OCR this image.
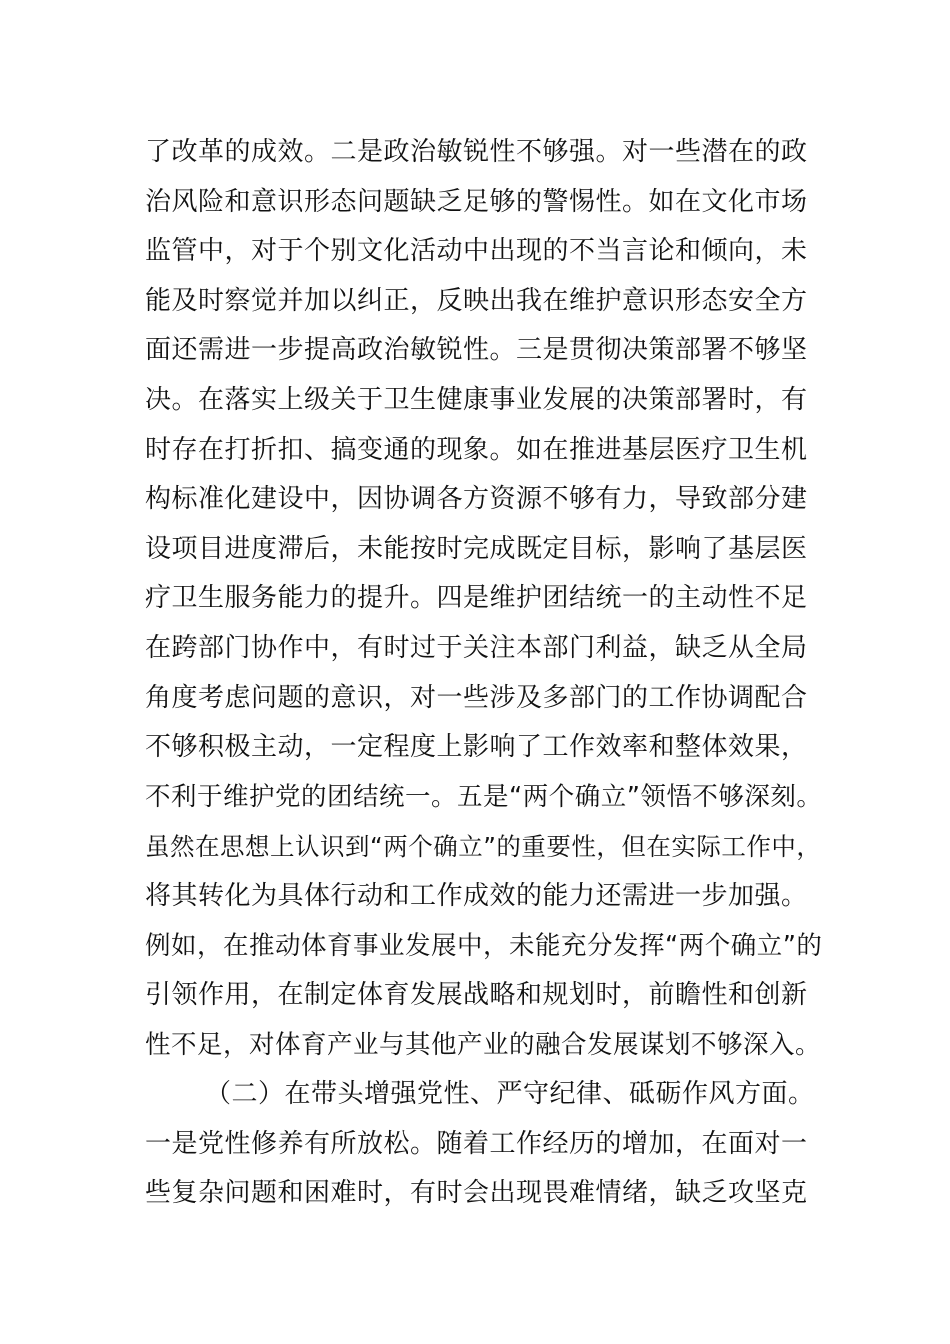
了改革的成效。二是政治敏锐性不够强。对一些潜在的政
治风险和意识形态问题缺乏足够的警惕性。如在文化市场
监管中，对于个别文化活动中出现的不当言论和倾向，未
能及时察觉并加以纠正，反映出我在维护意识形态安全方
面还需进一步提高政治敏锐性。三是贯彻决策部署不够坚
决。在落实上级关于卫生健康事业发展的决策部署时，有
时存在打折扣、搞变通的现象。如在推进基层医疗卫生机
构标准化建设中，因协调各方资源不够有力，导致部分建
设项目进度滞后，未能按时完成既定目标，影响了基层医
疗卫生服务能力的提升。四是维护团结统一的主动性不足
在跨部门协作中，有时过于关注本部门利益，缺乏从全局
角度考虑问题的意识，对一些涉及多部门的工作协调配合
不够积极主动，一定程度上影响了工作效率和整体效果，
不利于维护党的团结统一。五是“两个确立”领悟不够深刻。
虽然在思想上认识到“两个确立”的重要性，但在实际工作中，
将其转化为具体行动和工作成效的能力还需进一步加强。
例如，在推动体育事业发展中，未能充分发挥“两个确立”的
引领作用，在制定体育发展战略和规划时，前瞻性和创新
性不足，对体育产业与其他产业的融合发展谋划不够深入。
（二）在带头增强党性、严守纪律、砥砺作风方面。
一是党性修养有所放松。随着工作经历的增加，在面对一
些复杂问题和困难时，有时会出现畏难情绪，缺乏攻坚克
